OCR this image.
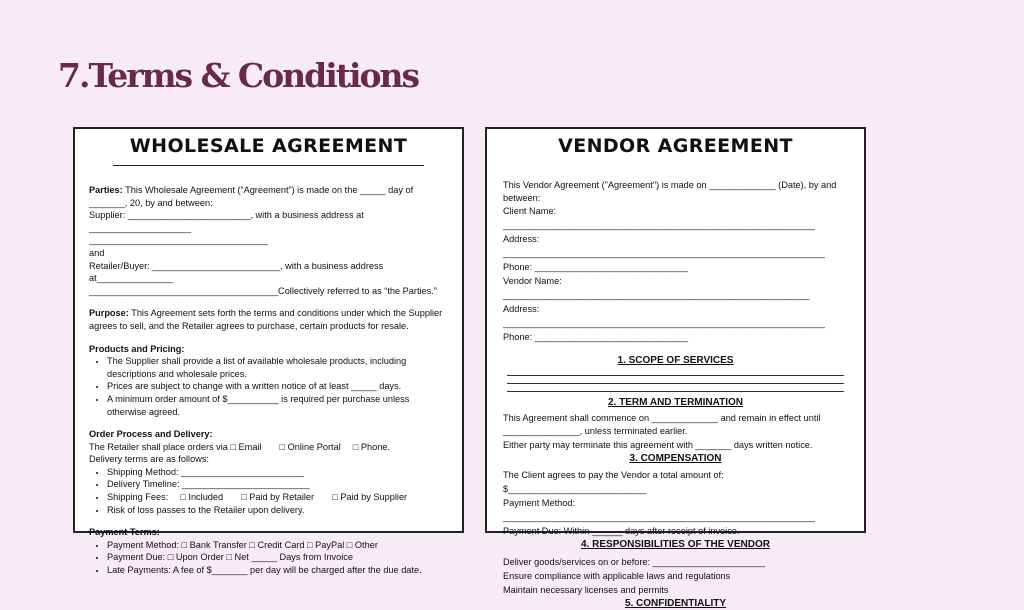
7.Terms & Conditions
WHOLESALE AGREEMENT

Parties: This Wholesale Agreement (“Agreement”) is made on the _____ day of

_______, 20, by and between:

Supplier: ________________________, with a business address at ____________________

___________________________________

and

Retailer/Buyer: _________________________, with a business address at_______________

_____________________________________Collectively referred to as “the Parties.”

Purpose: This Agreement sets forth the terms and conditions under which the Supplier

agrees to sell, and the Retailer agrees to purchase, certain products for resale.

Products and Pricing:

• The Supplier shall provide a list of available wholesale products, including descriptions and wholesale prices.
• Prices are subject to change with a written notice of at least _____ days.
• A minimum order amount of $__________ is required per purchase unless otherwise agreed.

Order Process and Delivery:

The Retailer shall place orders via □ Email □ Online Portal □ Phone.

Delivery terms are as follows:

• Shipping Method: ________________________
• Delivery Timeline: _________________________
• Shipping Fees: □ Included □ Paid by Retailer □ Paid by Supplier
• Risk of loss passes to the Retailer upon delivery.

Payment Terms:

• Payment Method: □ Bank Transfer □ Credit Card □ PayPal □ Other
• Payment Due: □ Upon Order □ Net _____ Days from Invoice
• Late Payments: A fee of $_______ per day will be charged after the due date.
VENDOR AGREEMENT

This Vendor Agreement ("Agreement") is made on _____________ (Date), by and

between:

Client Name: _____________________________________________________________

Address: _______________________________________________________________

Phone: ______________________________

Vendor Name: ____________________________________________________________

Address: _______________________________________________________________

Phone: ______________________________

1. SCOPE OF SERVICES

2. TERM AND TERMINATION

This Agreement shall commence on _____________ and remain in effect until

_______________, unless terminated earlier.

Either party may terminate this agreement with _______ days written notice.

3. COMPENSATION

The Client agrees to pay the Vendor a total amount of: $___________________________

Payment Method: _____________________________________________________________

Payment Due: Within ______ days after receipt of invoice.

4. RESPONSIBILITIES OF THE VENDOR

Deliver goods/services on or before: ______________________

Ensure compliance with applicable laws and regulations

Maintain necessary licenses and permits

5. CONFIDENTIALITY
